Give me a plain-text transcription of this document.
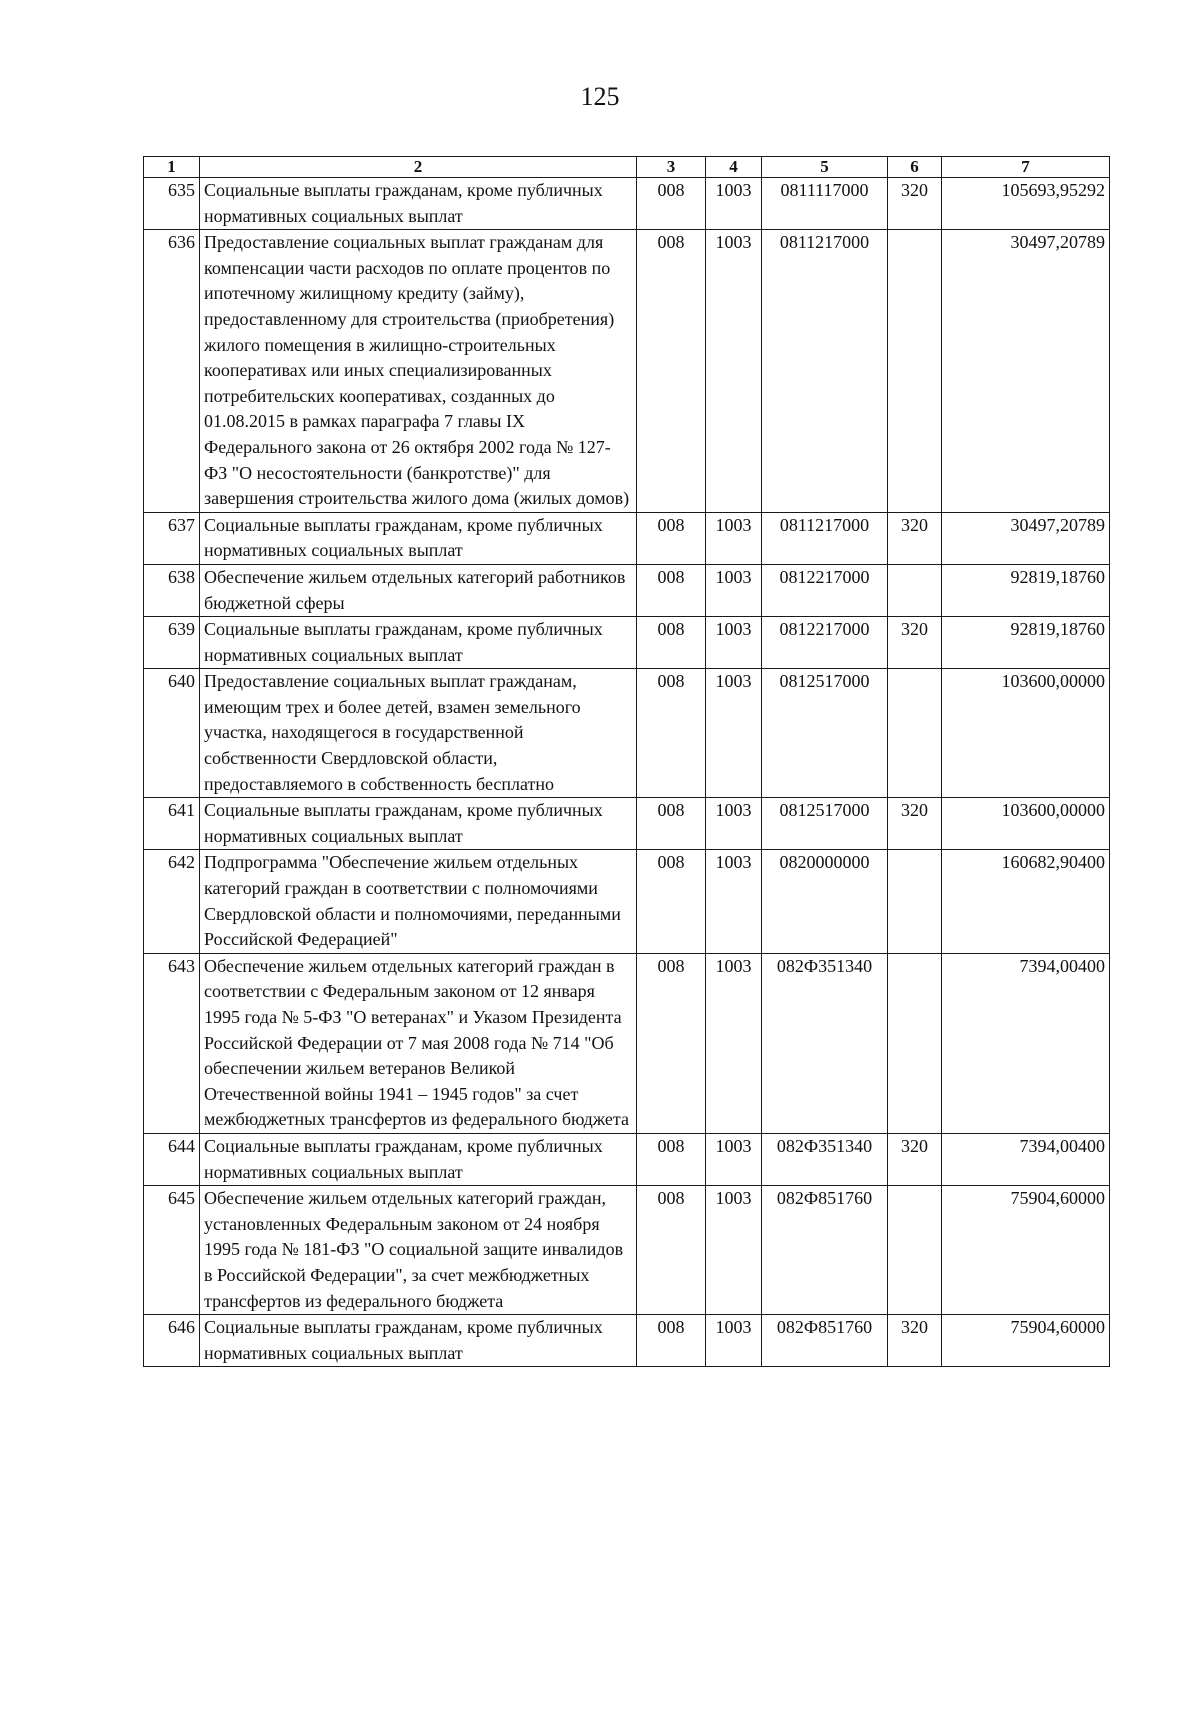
125
1	2	3	4	5	6	7
635	Социальные выплаты гражданам, кроме публичных нормативных социальных выплат	008	1003	0811117000	320	105693,95292
636	Предоставление социальных выплат гражданам для компенсации части расходов по оплате процентов по ипотечному жилищному кредиту (займу), предоставленному для строительства (приобретения) жилого помещения в жилищно-строительных кооперативах или иных специализированных потребительских кооперативах, созданных до 01.08.2015 в рамках параграфа 7 главы IX Федерального закона от 26 октября 2002 года № 127-ФЗ "О несостоятельности (банкротстве)" для завершения строительства жилого дома (жилых домов)	008	1003	0811217000		30497,20789
637	Социальные выплаты гражданам, кроме публичных нормативных социальных выплат	008	1003	0811217000	320	30497,20789
638	Обеспечение жильем отдельных категорий работников бюджетной сферы	008	1003	0812217000		92819,18760
639	Социальные выплаты гражданам, кроме публичных нормативных социальных выплат	008	1003	0812217000	320	92819,18760
640	Предоставление социальных выплат гражданам, имеющим трех и более детей, взамен земельного участка, находящегося в государственной собственности Свердловской области, предоставляемого в собственность бесплатно	008	1003	0812517000		103600,00000
641	Социальные выплаты гражданам, кроме публичных нормативных социальных выплат	008	1003	0812517000	320	103600,00000
642	Подпрограмма "Обеспечение жильем отдельных категорий граждан в соответствии с полномочиями Свердловской области и полномочиями, переданными Российской Федерацией"	008	1003	0820000000		160682,90400
643	Обеспечение жильем отдельных категорий граждан в соответствии с Федеральным законом от 12 января 1995 года № 5-ФЗ "О ветеранах" и Указом Президента Российской Федерации от 7 мая 2008 года № 714 "Об обеспечении жильем ветеранов Великой Отечественной войны 1941 – 1945 годов" за счет межбюджетных трансфертов из федерального бюджета	008	1003	082Ф351340		7394,00400
644	Социальные выплаты гражданам, кроме публичных нормативных социальных выплат	008	1003	082Ф351340	320	7394,00400
645	Обеспечение жильем отдельных категорий граждан, установленных Федеральным законом от 24 ноября 1995 года № 181-ФЗ "О социальной защите инвалидов в Российской Федерации", за счет межбюджетных трансфертов из федерального бюджета	008	1003	082Ф851760		75904,60000
646	Социальные выплаты гражданам, кроме публичных нормативных социальных выплат	008	1003	082Ф851760	320	75904,60000
